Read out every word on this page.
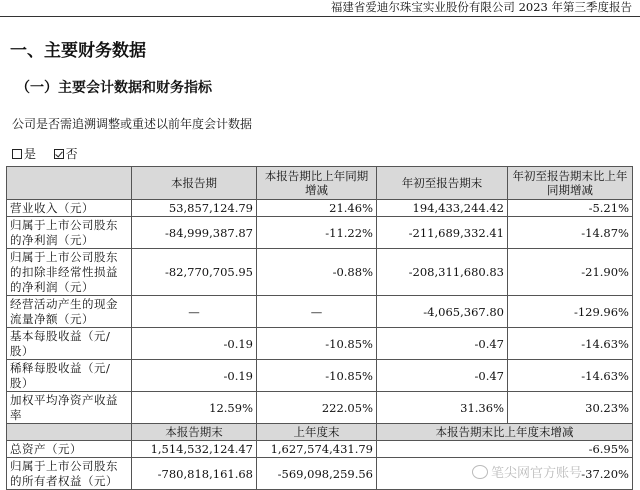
福建省爱迪尔珠宝实业股份有限公司 2023 年第三季度报告
一、主要财务数据
（一）主要会计数据和财务指标
公司是否需追溯调整或重述以前年度会计数据
是 否
	本报告期	本报告期比上年同期增减	年初至报告期末	年初至报告期末比上年同期增减
营业收入（元）	53,857,124.79	21.46%	194,433,244.42	-5.21%
归属于上市公司股东的净利润（元）	-84,999,387.87	-11.22%	-211,689,332.41	-14.87%
归属于上市公司股东的扣除非经常性损益的净利润（元）	-82,770,705.95	-0.88%	-208,311,680.83	-21.90%
经营活动产生的现金流量净额（元）	—	—	-4,065,367.80	-129.96%
基本每股收益（元/股）	-0.19	-10.85%	-0.47	-14.63%
稀释每股收益（元/股）	-0.19	-10.85%	-0.47	-14.63%
加权平均净资产收益率	12.59%	222.05%	31.36%	30.23%
	本报告期末	上年度末	本报告期末比上年度末增减	
总资产（元）	1,514,532,124.47	1,627,574,431.79	-6.95%	
归属于上市公司股东的所有者权益（元）	-780,818,161.68	-569,098,259.56	-37.20%	
笔尖网官方账号
